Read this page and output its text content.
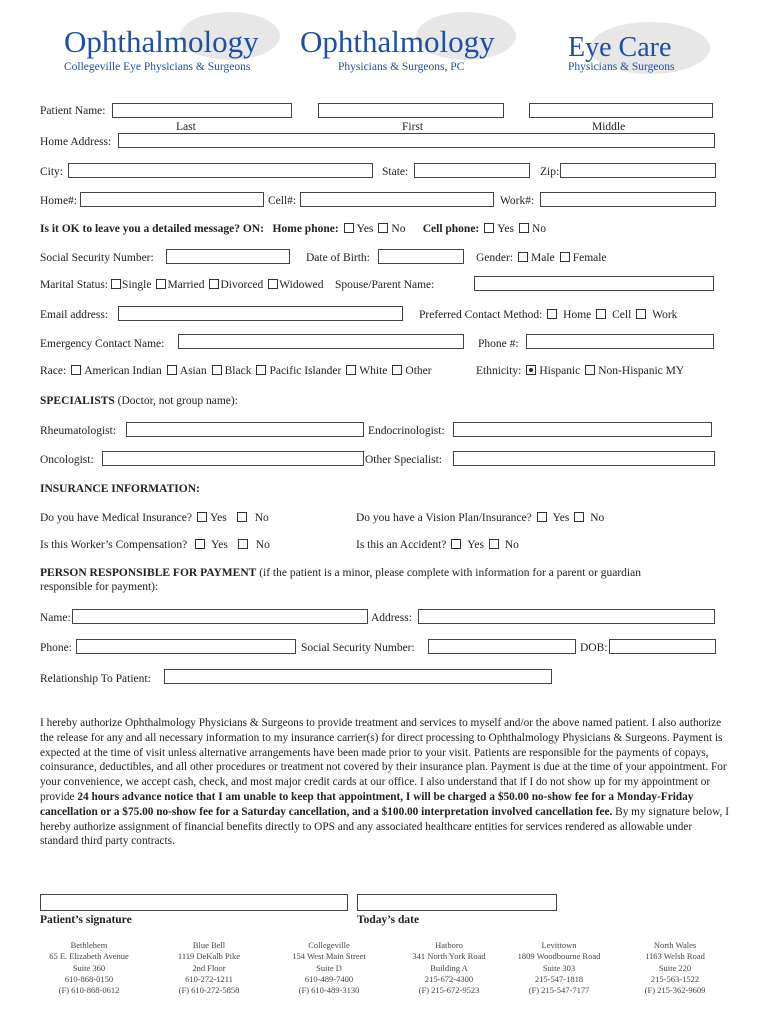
Ophthalmology
Collegeville Eye Physicians & Surgeons
Ophthalmology
Physicians & Surgeons, PC
Eye Care
Physicians & Surgeons
Patient Name:
Last	First	Middle
Home Address:
City:	State:	Zip:
Home#:	Cell#:	Work#:
Is it OK to leave you a detailed message? ON: Home phone: Yes No Cell phone: Yes No
Social Security Number:	Date of Birth:	Gender: Male Female
Marital Status: Single Married Divorced Widowed Spouse/Parent Name:
Email address:	Preferred Contact Method: Home Cell Work
Emergency Contact Name:	Phone #:
Race: American Indian Asian Black Pacific Islander White Other	Ethnicity: Hispanic Non-Hispanic MY
SPECIALISTS (Doctor, not group name):
Rheumatologist:	Endocrinologist:
Oncologist:	Other Specialist:
INSURANCE INFORMATION:
Do you have Medical Insurance? Yes No	Do you have a Vision Plan/Insurance? Yes No
Is this Worker’s Compensation? Yes No	Is this an Accident? Yes No
PERSON RESPONSIBLE FOR PAYMENT (if the patient is a minor, please complete with information for a parent or guardian
responsible for payment):
Name:	Address:
Phone:	Social Security Number:	DOB:
Relationship To Patient:
I hereby authorize Ophthalmology Physicians & Surgeons to provide treatment and services to myself and/or the above named patient. I also authorize the release for any and all necessary information to my insurance carrier(s) for direct processing to Ophthalmology Physicians & Surgeons. Payment is expected at the time of visit unless alternative arrangements have been made prior to your visit. Patients are responsible for the payments of copays, coinsurance, deductibles, and all other procedures or treatment not covered by their insurance plan. Payment is due at the time of your appointment. For your convenience, we accept cash, check, and most major credit cards at our office. I also understand that if I do not show up for my appointment or provide 24 hours advance notice that I am unable to keep that appointment, I will be charged a $50.00 no-show fee for a Monday-Friday cancellation or a $75.00 no-show fee for a Saturday cancellation, and a $100.00 interpretation involved cancellation fee. By my signature below, I hereby authorize assignment of financial benefits directly to OPS and any associated healthcare entities for services rendered as allowable under standard third party contracts.
Patient’s signature	Today’s date
Bethlehem
65 E. Elizabeth Avenue
Suite 360
610-868-0150
(F) 610-868-0612
Blue Bell
1119 DeKalb Pike
2nd Floor
610-272-1211
(F) 610-272-5858
Collegeville
154 West Main Street
Suite D
610-489-7400
(F) 610-489-3130
Hatboro
341 North York Road
Building A
215-672-4300
(F) 215-672-9523
Levittown
1809 Woodbourne Road
Suite 303
215-547-1818
(F) 215-547-7177
North Wales
1163 Welsh Road
Suite 220
215-563-1522
(F) 215-362-9609
